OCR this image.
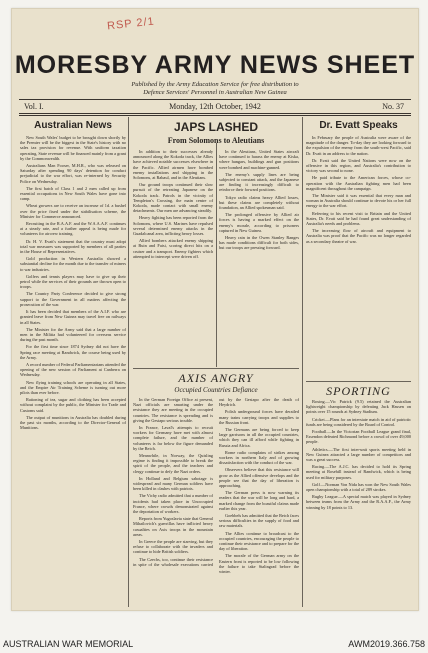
RSP 2/1
MORESBY ARMY NEWS SHEET
Published by the Army Education Service for free distribution to
Defence Services' Personnel in Australian New Guinea
Vol. I.	Monday, 12th October, 1942	No. 37
Australian News

New South Wales' budget to be brought down shortly by the Premier will be the biggest in the State's history with no sales tax provision for revenue. With uniform taxation operating, State revenue will be financed mainly from a grant by the Commonwealth.

Australians Man Fooser, M.H.R., who was released on Saturday after spending 90 days' detention for conduct prejudicial to the war effort, was re-interned by Security Police on Wednesday.

The first batch of Class 1 and 2 men called up from essential occupations in New South Wales have gone into camp.

Wheat growers are to receive an increase of 1d. a bushel over the price fixed under the stabilisation scheme, the Minister for Commerce announced.

Recruiting in the R.A.A.F. and the W.A.A.A.F. continues at a steady rate, and a further appeal is being made for volunteers for aircrew training.

Dr. H. V. Evatt's statement that the country must adopt total war measures was supported by members of all parties in the House of Representatives.

Gold production in Western Australia showed a substantial decline for the month due to the transfer of miners to war industries.

Golfers and tennis players may have to give up their petrol while the services of their grounds are thrown open to troops.

The Country Party Conference decided to give strong support to the Government in all matters affecting the prosecution of the war.

It has been decided that members of the A.I.F. who are granted leave from New Guinea may travel free on railways in all States.

The Minister for the Army said that a large number of men in the Militia had volunteered for overseas service during the past month.

For the first time since 1874 Sydney did not have the Spring race meeting at Randwick, the course being used by the Army.

A record number of Federal Parliamentarians attended the opening of the new session of Parliament at Canberra on Wednesday.

New flying training schools are operating in all States, and the Empire Air Training Scheme is turning out more pilots than ever before.

Rationing of tea, sugar and clothing has been accepted without complaint by the public, the Minister for Trade and Customs said.

The output of munitions in Australia has doubled during the past six months, according to the Director-General of Munitions.

JAPS LASHED
From Solomons to Aleutians

In addition to their successes already announced along the Kokoda track, the Allies have achieved notable successes elsewhere in the Pacific. Allied airmen have bombed enemy installations and shipping in the Solomons, at Rabaul, and in the Aleutians.

Our ground troops continued their slow pursuit of the retreating Japanese on the Kokoda track. Patrols in the vicinity of Templeton's Crossing, the main centre of Kokoda, made contact with small enemy detachments. Our men are advancing steadily.

Heavy fighting has been reported from the Solomons, where U.S. Marines have repulsed several determined enemy attacks in the Guadalcanal area, inflicting heavy losses.

Allied bombers attacked enemy shipping at Buin and Faisi, scoring direct hits on a cruiser and a transport. Enemy fighters which attempted to intercept were driven off.

In the Aleutians, United States aircraft have continued to harass the enemy at Kiska, where hangars, buildings and gun positions were bombed and machine-gunned.

The enemy's supply lines are being subjected to constant attack, and the Japanese are finding it increasingly difficult to reinforce their forward positions.

Tokyo radio claims heavy Allied losses, but these claims are completely without foundation, an Allied spokesman said.

The prolonged offensive by Allied air forces is having a marked effect on the enemy's morale, according to prisoners captured in New Guinea.

Heavy rain in the Owen Stanley Ranges has made conditions difficult for both sides, but our troops are pressing forward.

Dr. Evatt Speaks

In February the people of Australia were aware of the magnitude of the danger. To-day they are looking forward to the expulsion of the enemy from the south-west Pacific, said Dr. Evatt in an address to the nation.

Dr. Evatt said the United Nations were now on the offensive in this region, and Australia's contribution to victory was second to none.

He paid tribute to the American forces, whose co-operation with the Australian fighting men had been magnificent throughout the campaign.

The Minister said it was essential that every man and woman in Australia should continue to devote his or her full energy to the war effort.

Referring to his recent visit to Britain and the United States, Dr. Evatt said he had found great understanding of Australia's needs and problems.

The increasing flow of aircraft and equipment to Australia was proof that the Pacific was no longer regarded as a secondary theatre of war.

AXIS ANGRY
Occupied Countries Defiance

In the German Foreign Office at present, Nazi officials are smarting under the resistance they are meeting in the occupied countries. The resistance is spreading and is giving the Gestapo serious trouble.

In France, Laval's attempts to recruit workers for Germany have met with almost complete failure, and the number of volunteers is far below the figure demanded by the Reich.

Meanwhile, in Norway, the Quisling regime is finding it impossible to break the spirit of the people, and the teachers and clergy continue to defy the Nazi orders.

In Holland and Belgium sabotage is widespread and many German soldiers have been killed in clashes with patriots.

The Vichy radio admitted that a number of incidents had taken place in Unoccupied France, where crowds demonstrated against the deportation of workers.

Reports from Yugoslavia state that General Mihailovich's guerrillas have inflicted heavy casualties on Axis troops in the mountain areas.

In Greece the people are starving, but they refuse to collaborate with the invaders and continue to hide British soldiers.

The Czechs, too, continue their resistance in spite of the wholesale executions carried out by the Gestapo after the death of Heydrich.

Polish underground forces have derailed many trains carrying troops and supplies to the Russian front.

The Germans are being forced to keep large garrisons in all the occupied countries, which they can ill afford while fighting in Russia and Africa.

Rome radio complains of strikes among workers in northern Italy and of growing dissatisfaction with the conduct of the war.

Observers believe that this resistance will grow as the Allied offensive develops and the people see that the day of liberation is approaching.

The German press is now warning its readers that the war will be long and hard, a marked change from the boastful claims made earlier this year.

Goebbels has admitted that the Reich faces serious difficulties in the supply of food and raw materials.

The Allies continue to broadcast to the occupied countries, encouraging the people to continue their resistance and to prepare for the day of liberation.

The morale of the German army on the Eastern front is reported to be low following the failure to take Stalingrad before the winter.

SPORTING

Boxing.—Vic Patrick (9.5) retained the Australian lightweight championship by defeating Jack Hassen on points over 15 rounds at Sydney Stadium.

Cricket.—Plans for an interstate match in aid of patriotic funds are being considered by the Board of Control.

Football.—In the Victorian Football League grand final, Essendon defeated Richmond before a crowd of over 49,000 people.

Athletics.—The first inter-unit sports meeting held in New Guinea attracted a large number of competitors and was a great success.

Racing.—The A.J.C. has decided to hold its Spring meeting at Rosehill instead of Randwick, which is being used for military purposes.

Golf.—Norman Von Nida has won the New South Wales open championship with a total of 289 strokes.

Rugby League.—A special match was played in Sydney between teams from the Army and the R.A.A.F., the Army winning by 18 points to 13.

AUSTRALIAN WAR MEMORIAL	AWM2019.366.758
